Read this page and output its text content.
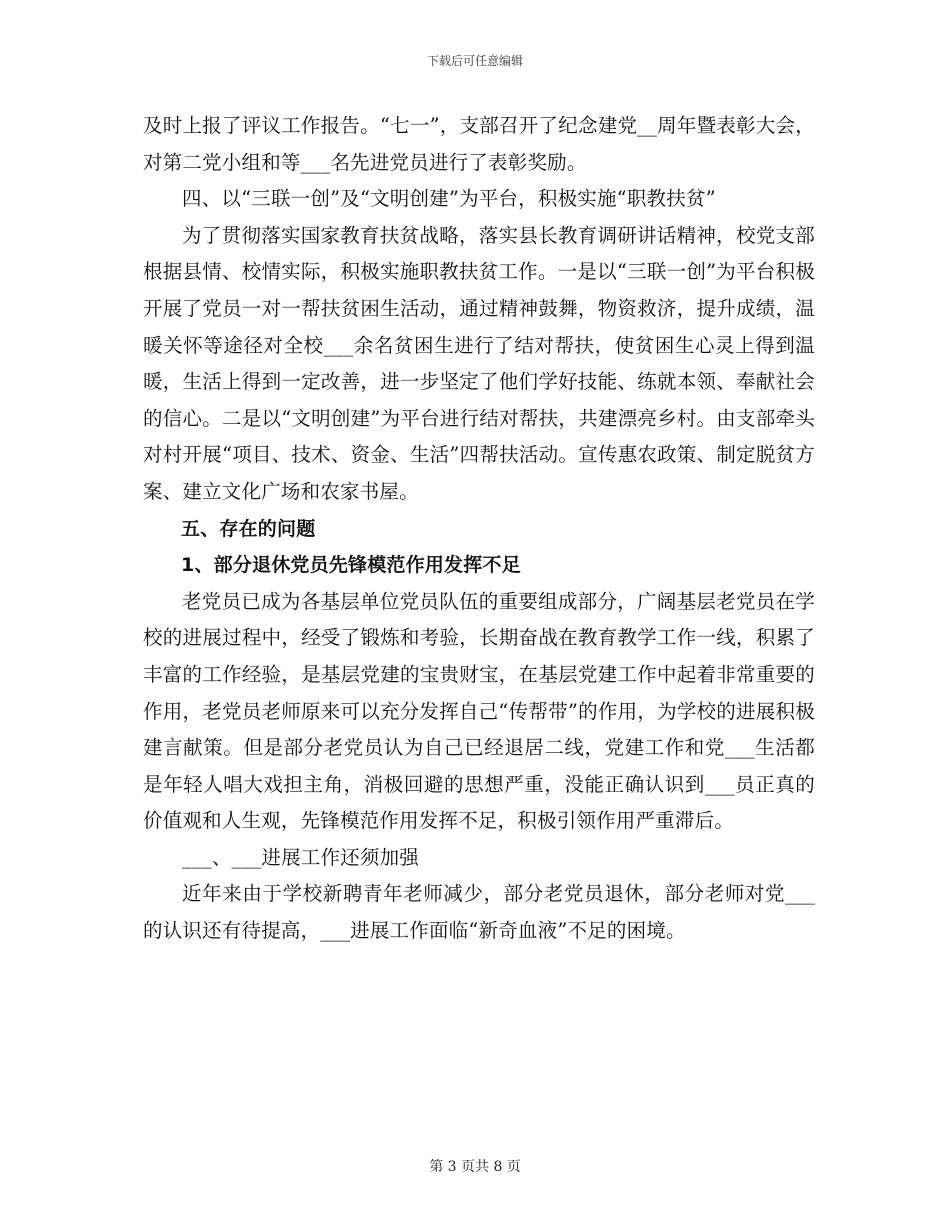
下载后可任意编辑

及时上报了评议工作报告。“七一”，支部召开了纪念建党__周年暨表彰大会，对第二党小组和等___名先进党员进行了表彰奖励。

四、以“三联一创”及“文明创建”为平台，积极实施“职教扶贫”

为了贯彻落实国家教育扶贫战略，落实县长教育调研讲话精神，校党支部根据县情、校情实际，积极实施职教扶贫工作。一是以“三联一创”为平台积极开展了党员一对一帮扶贫困生活动，通过精神鼓舞，物资救济，提升成绩，温暖关怀等途径对全校___余名贫困生进行了结对帮扶，使贫困生心灵上得到温暖，生活上得到一定改善，进一步坚定了他们学好技能、练就本领、奉献社会的信心。二是以“文明创建”为平台进行结对帮扶，共建漂亮乡村。由支部牵头对村开展“项目、技术、资金、生活”四帮扶活动。宣传惠农政策、制定脱贫方案、建立文化广场和农家书屋。

五、存在的问题

1、部分退休党员先锋模范作用发挥不足

老党员已成为各基层单位党员队伍的重要组成部分，广阔基层老党员在学校的进展过程中，经受了锻炼和考验，长期奋战在教育教学工作一线，积累了丰富的工作经验，是基层党建的宝贵财宝，在基层党建工作中起着非常重要的作用，老党员老师原来可以充分发挥自己“传帮带”的作用，为学校的进展积极建言献策。但是部分老党员认为自己已经退居二线，党建工作和党___生活都是年轻人唱大戏担主角，消极回避的思想严重，没能正确认识到___员正真的价值观和人生观，先锋模范作用发挥不足，积极引领作用严重滞后。

___、___进展工作还须加强

近年来由于学校新聘青年老师减少，部分老党员退休，部分老师对党___的认识还有待提高，___进展工作面临“新奇血液”不足的困境。

第 3 页共 8 页
